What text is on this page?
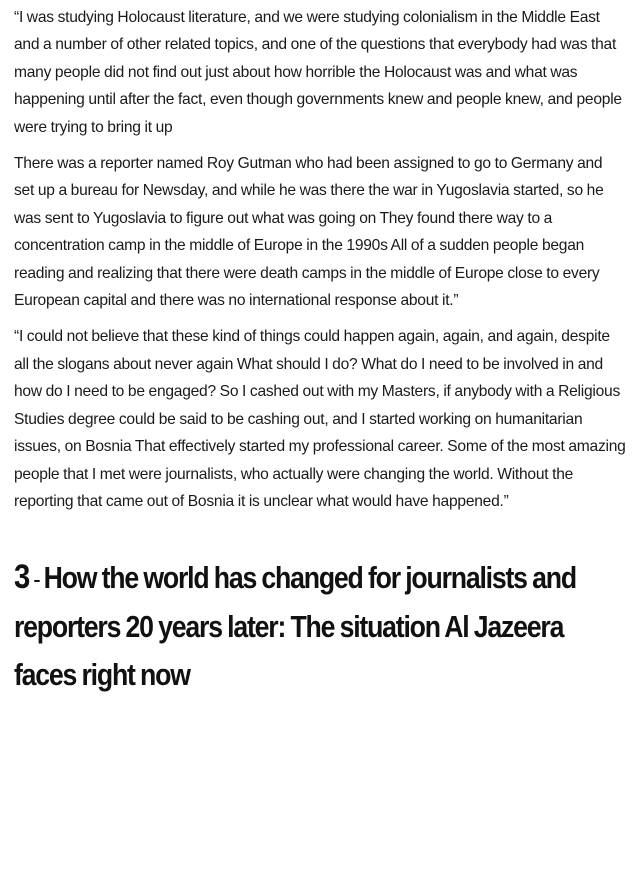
“I was studying Holocaust literature, and we were studying colonialism in the Middle East and a number of other related topics, and one of the questions that everybody had was that many people did not find out just about how horrible the Holocaust was and what was happening until after the fact, even though governments knew and people knew, and people were trying to bring it up

There was a reporter named Roy Gutman who had been assigned to go to Germany and set up a bureau for Newsday, and while he was there the war in Yugoslavia started, so he was sent to Yugoslavia to figure out what was going on They found there way to a concentration camp in the middle of Europe in the 1990s All of a sudden people began reading and realizing that there were death camps in the middle of Europe close to every European capital and there was no international response about it.”

“I could not believe that these kind of things could happen again, again, and again, despite all the slogans about never again What should I do? What do I need to be involved in and how do I need to be engaged? So I cashed out with my Masters, if anybody with a Religious Studies degree could be said to be cashing out, and I started working on humanitarian issues, on Bosnia That effectively started my professional career. Some of the most amazing people that I met were journalists, who actually were changing the world. Without the reporting that came out of Bosnia it is unclear what would have happened.”

3 - How the world has changed for journalists and reporters 20 years later: The situation Al Jazeera faces right now
